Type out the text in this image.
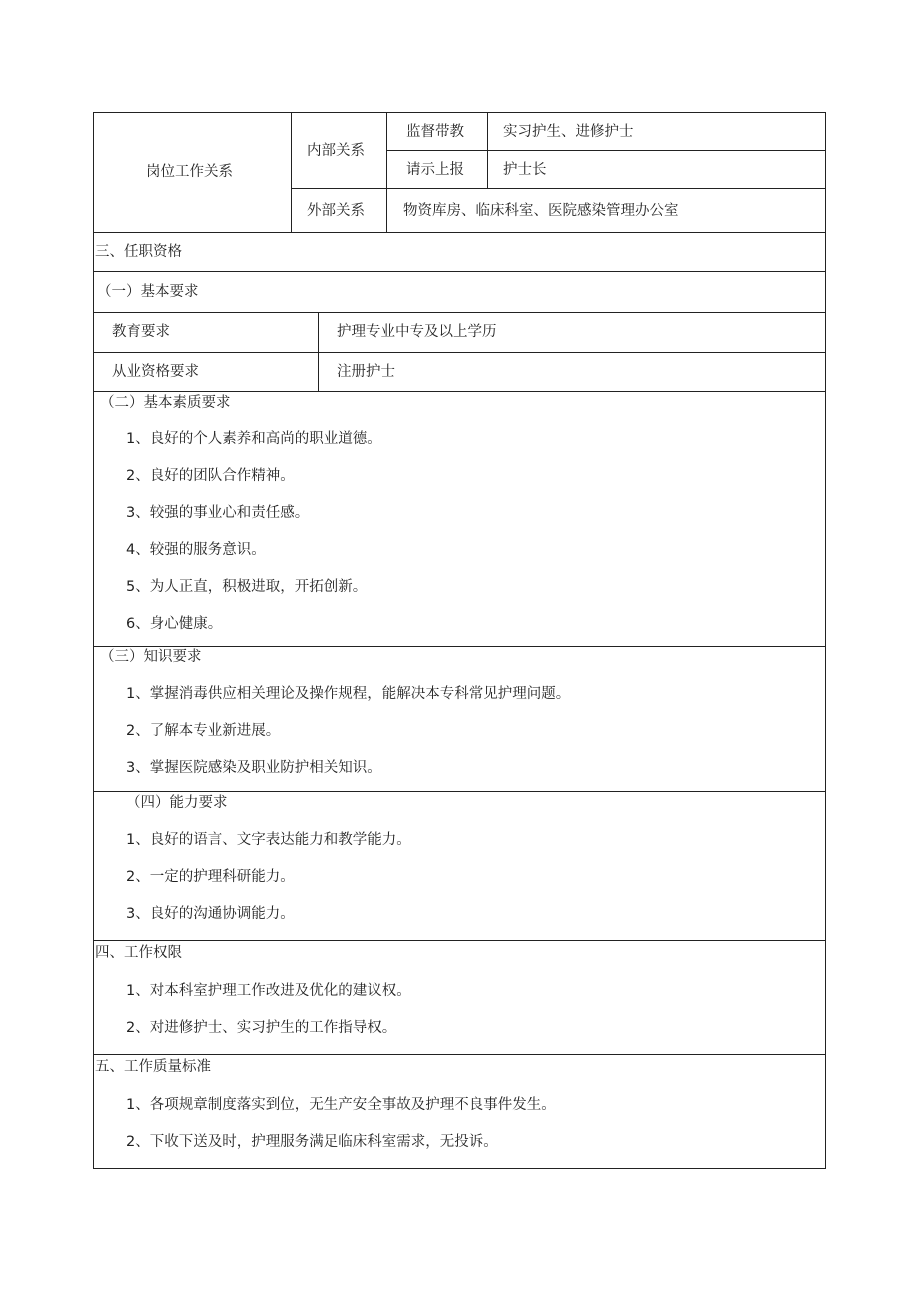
岗位工作关系
内部关系
监督带教	实习护生、进修护士
请示上报	护士长
外部关系	物资库房、临床科室、医院感染管理办公室
三、任职资格
（一）基本要求
教育要求	护理专业中专及以上学历
从业资格要求	注册护士
（二）基本素质要求
1、良好的个人素养和高尚的职业道德。
2、良好的团队合作精神。
3、较强的事业心和责任感。
4、较强的服务意识。
5、为人正直，积极进取，开拓创新。
6、身心健康。
（三）知识要求
1、掌握消毒供应相关理论及操作规程，能解决本专科常见护理问题。
2、了解本专业新进展。
3、掌握医院感染及职业防护相关知识。
（四）能力要求
1、良好的语言、文字表达能力和教学能力。
2、一定的护理科研能力。
3、良好的沟通协调能力。
四、工作权限
1、对本科室护理工作改进及优化的建议权。
2、对进修护士、实习护生的工作指导权。
五、工作质量标准
1、各项规章制度落实到位，无生产安全事故及护理不良事件发生。
2、下收下送及时，护理服务满足临床科室需求，无投诉。
